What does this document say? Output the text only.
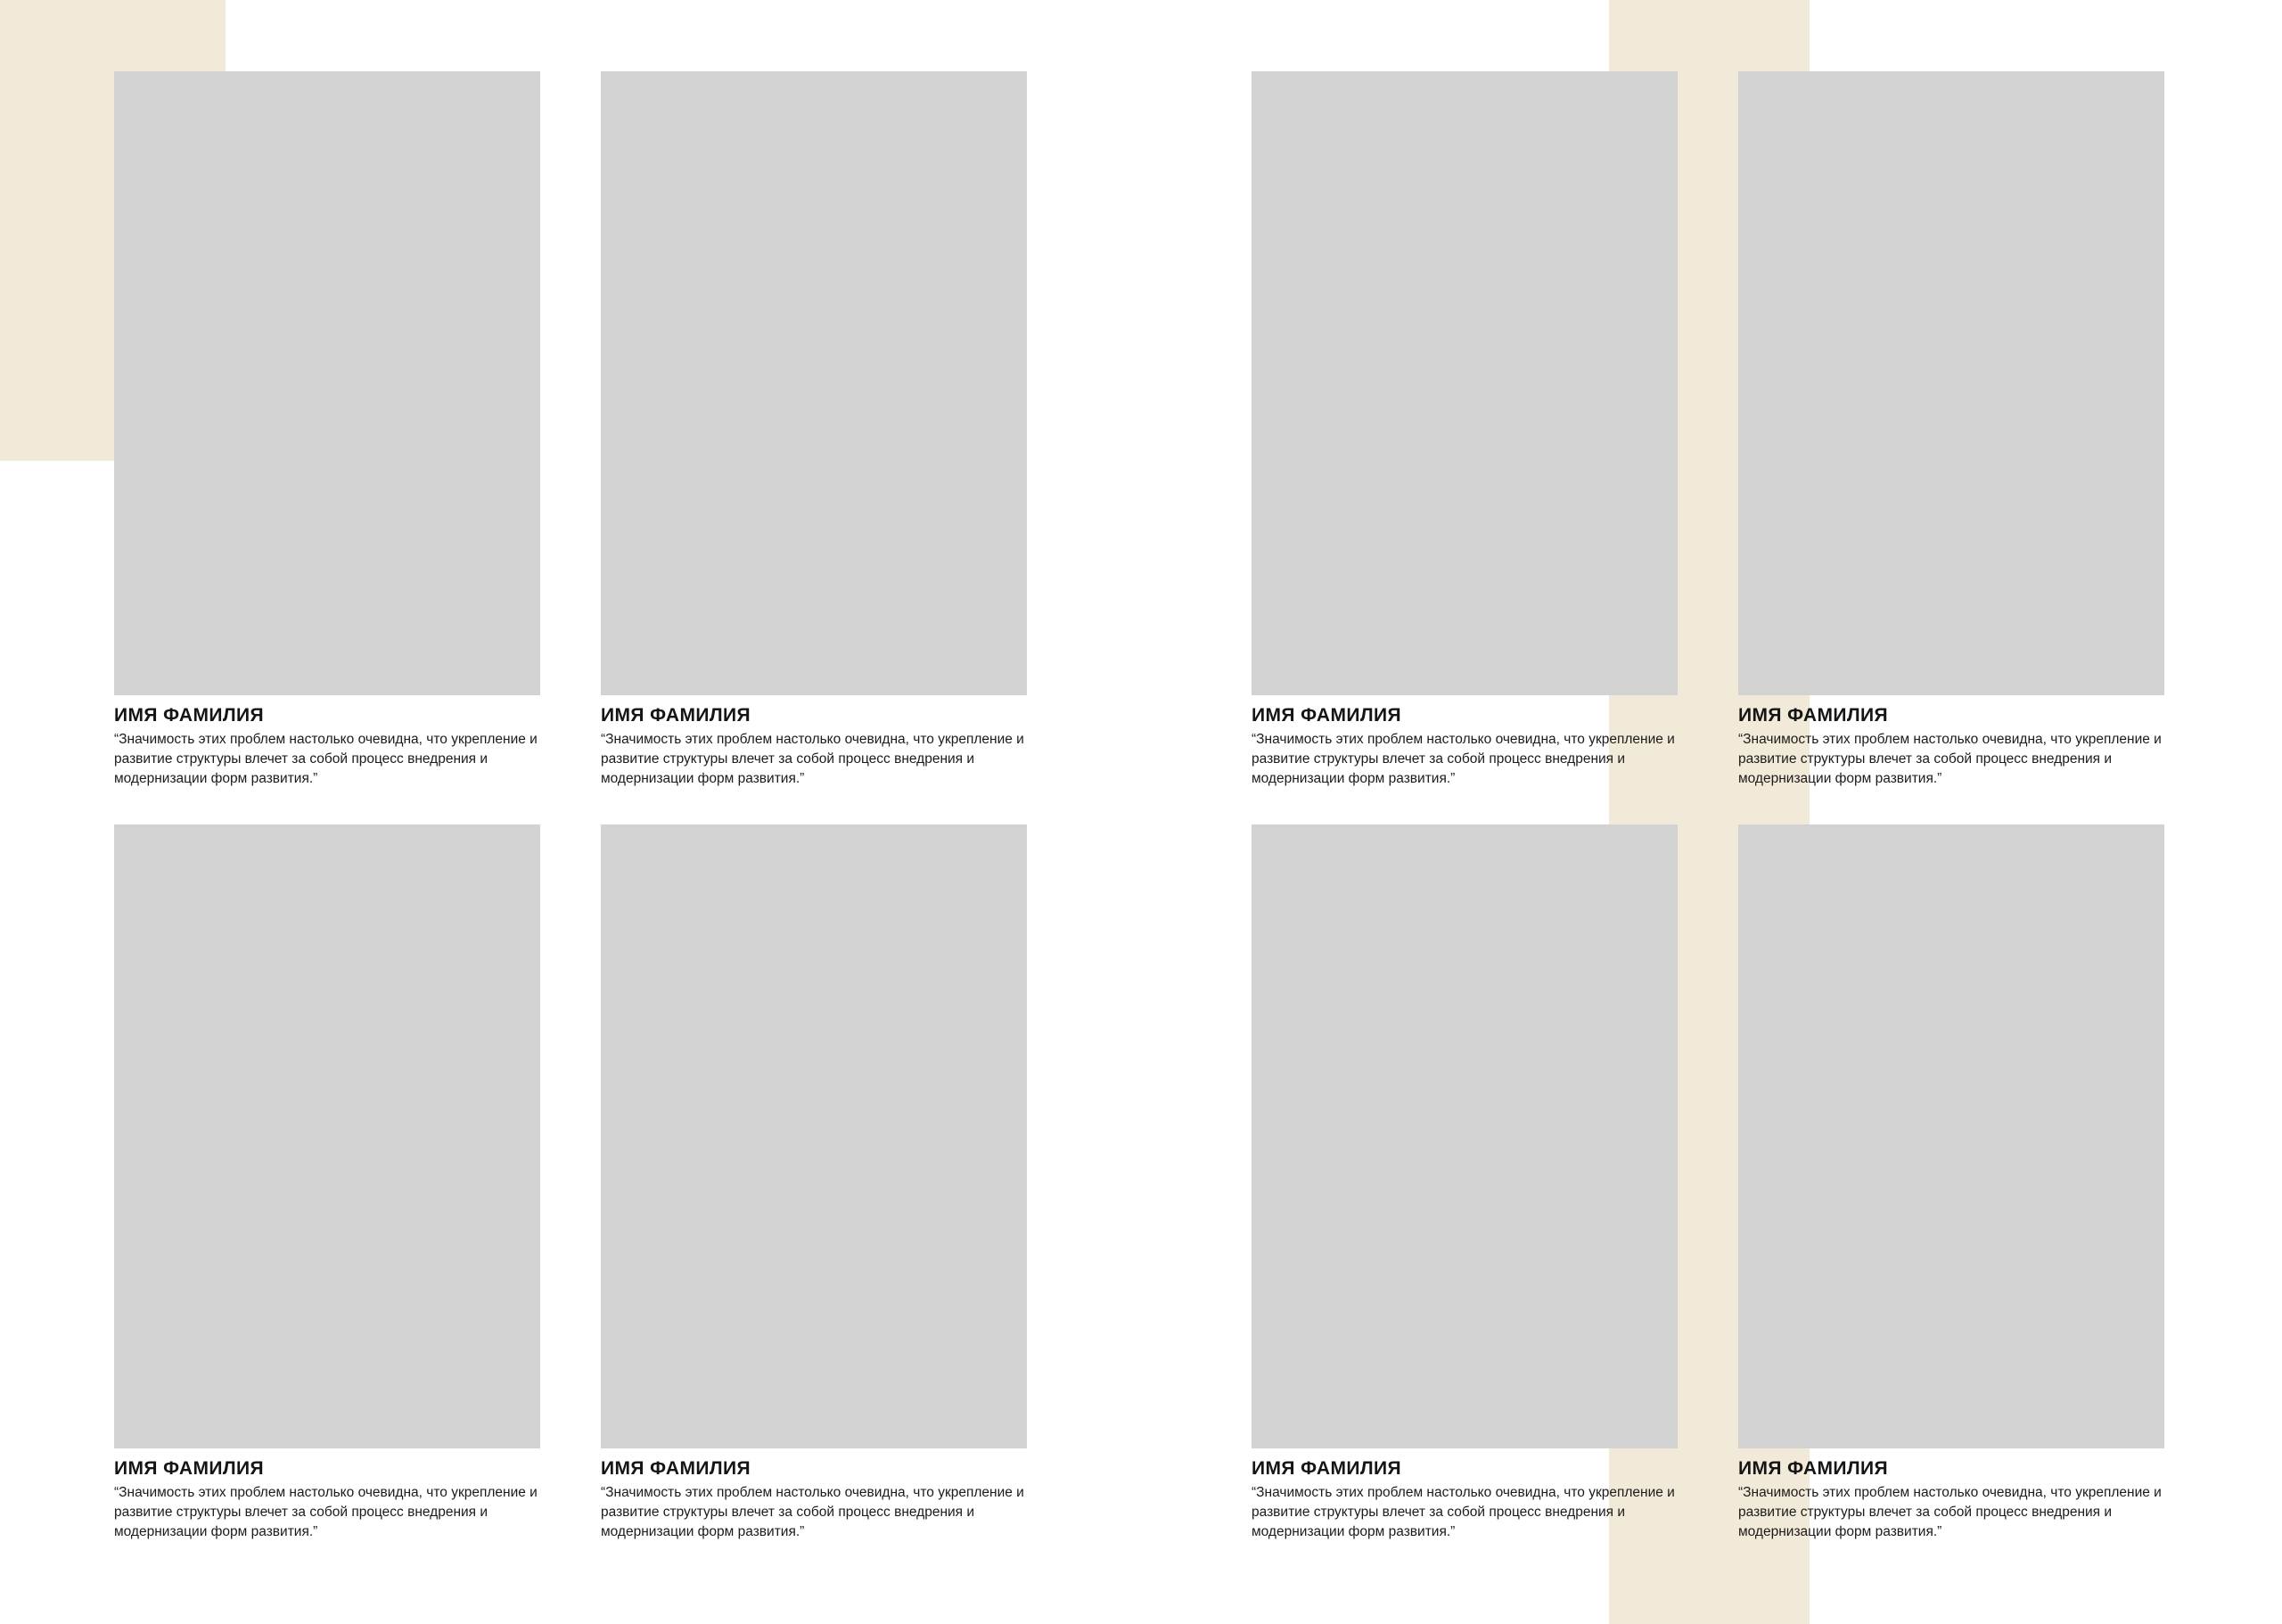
ИМЯ ФАМИЛИЯ
“Значимость этих проблем настолько очевидна, что укрепление и развитие структуры влечет за собой процесс внедрения и модернизации форм развития.”
ИМЯ ФАМИЛИЯ
“Значимость этих проблем настолько очевидна, что укрепление и развитие структуры влечет за собой процесс внедрения и модернизации форм развития.”
ИМЯ ФАМИЛИЯ
“Значимость этих проблем настолько очевидна, что укрепление и развитие структуры влечет за собой процесс внедрения и модернизации форм развития.”
ИМЯ ФАМИЛИЯ
“Значимость этих проблем настолько очевидна, что укрепление и развитие структуры влечет за собой процесс внедрения и модернизации форм развития.”
ИМЯ ФАМИЛИЯ
“Значимость этих проблем настолько очевидна, что укрепление и развитие структуры влечет за собой процесс внедрения и модернизации форм развития.”
ИМЯ ФАМИЛИЯ
“Значимость этих проблем настолько очевидна, что укрепление и развитие структуры влечет за собой процесс внедрения и модернизации форм развития.”
ИМЯ ФАМИЛИЯ
“Значимость этих проблем настолько очевидна, что укрепление и развитие структуры влечет за собой процесс внедрения и модернизации форм развития.”
ИМЯ ФАМИЛИЯ
“Значимость этих проблем настолько очевидна, что укрепление и развитие структуры влечет за собой процесс внедрения и модернизации форм развития.”
